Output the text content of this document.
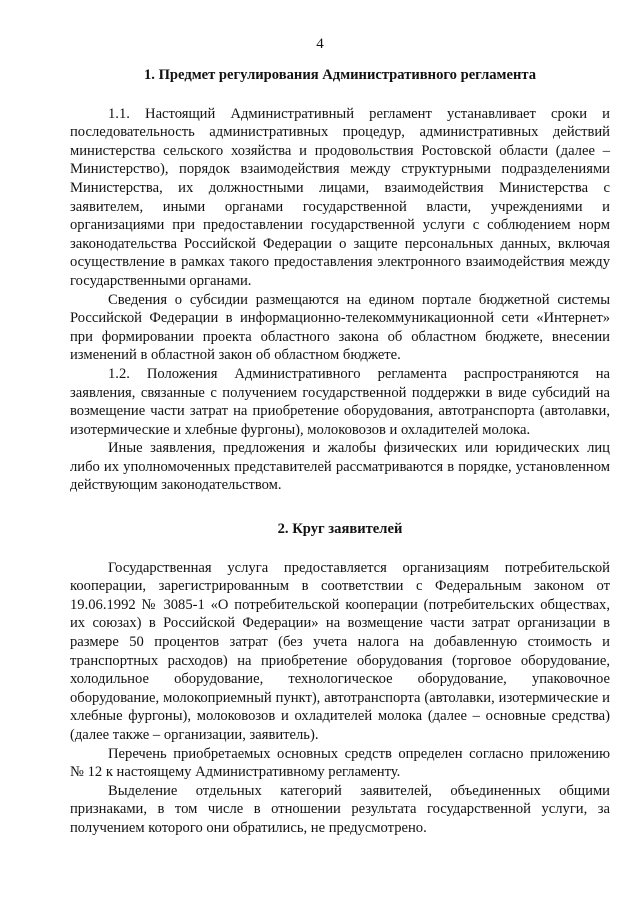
4
1. Предмет регулирования Административного регламента

1.1. Настоящий Административный регламент устанавливает сроки и последовательность административных процедур, административных действий министерства сельского хозяйства и продовольствия Ростовской области (далее – Министерство), порядок взаимодействия между структурными подразделениями Министерства, их должностными лицами, взаимодействия Министерства с заявителем, иными органами государственной власти, учреждениями и организациями при предоставлении государственной услуги с соблюдением норм законодательства Российской Федерации о защите персональных данных, включая осуществление в рамках такого предоставления электронного взаимодействия между государственными органами.

Сведения о субсидии размещаются на едином портале бюджетной системы Российской Федерации в информационно-телекоммуникационной сети «Интернет» при формировании проекта областного закона об областном бюджете, внесении изменений в областной закон об областном бюджете.

1.2. Положения Административного регламента распространяются на заявления, связанные с получением государственной поддержки в виде субсидий на возмещение части затрат на приобретение оборудования, автотранспорта (автолавки, изотермические и хлебные фургоны), молоковозов и охладителей молока.

Иные заявления, предложения и жалобы физических или юридических лиц либо их уполномоченных представителей рассматриваются в порядке, установленном действующим законодательством.

2. Круг заявителей

Государственная услуга предоставляется организациям потребительской кооперации, зарегистрированным в соответствии с Федеральным законом от 19.06.1992 № 3085-1 «О потребительской кооперации (потребительских обществах, их союзах) в Российской Федерации» на возмещение части затрат организации в размере 50 процентов затрат (без учета налога на добавленную стоимость и транспортных расходов) на приобретение оборудования (торговое оборудование, холодильное оборудование, технологическое оборудование, упаковочное оборудование, молокоприемный пункт), автотранспорта (автолавки, изотермические и хлебные фургоны), молоковозов и охладителей молока (далее – основные средства) (далее также – организации, заявитель).

Перечень приобретаемых основных средств определен согласно приложению № 12 к настоящему Административному регламенту.

Выделение отдельных категорий заявителей, объединенных общими признаками, в том числе в отношении результата государственной услуги, за получением которого они обратились, не предусмотрено.
